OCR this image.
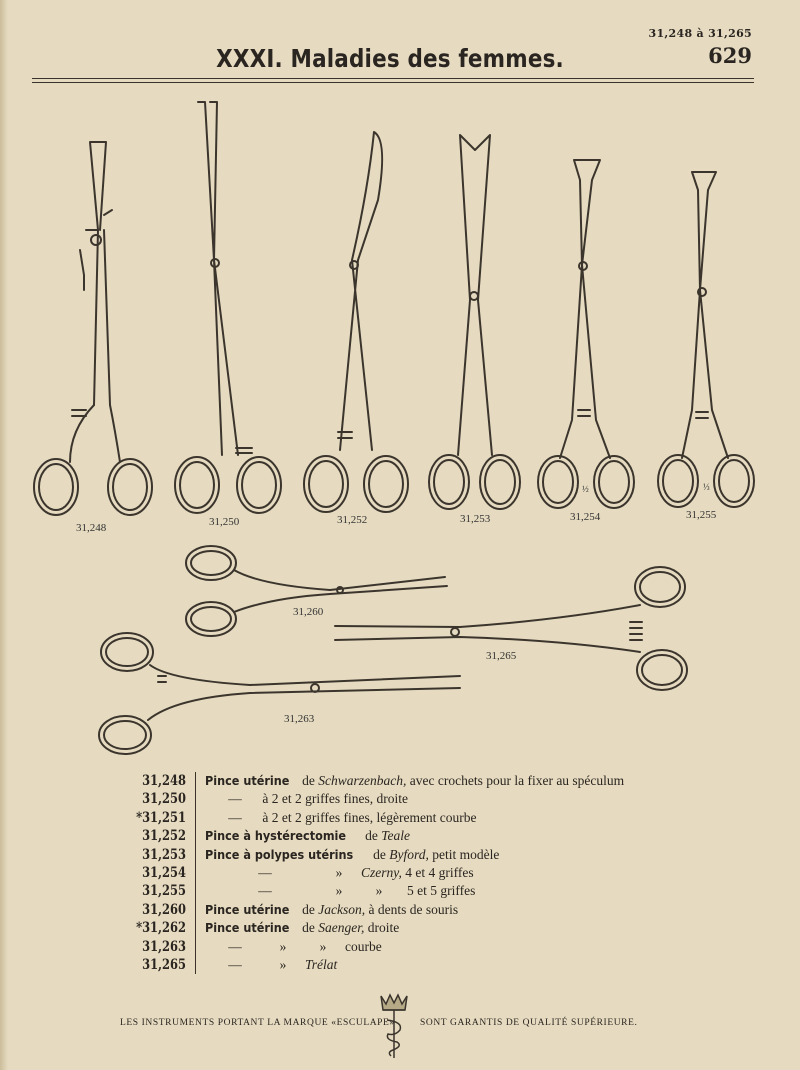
31,248 à 31,265
629
XXXI. Maladies des femmes.
31,248	31,250	31,252	31,253	31,254	31,255
31,260
31,265
31,263
½	⅓
31,248 Pince utérine de Schwarzenbach, avec crochets pour la fixer au spéculum
31,250	— à 2 et 2 griffes fines, droite
*31,251	— à 2 et 2 griffes fines, légèrement courbe
31,252 Pince à hystérectomie de Teale
31,253 Pince à polypes utérins de Byford, petit modèle
31,254	—	» Czerny, 4 et 4 griffes
31,255	—	» » 5 et 5 griffes
31,260 Pince utérine de Jackson, à dents de souris
*31,262 Pince utérine de Saenger, droite
31,263	—	» » courbe
31,265	—	» Trélat
LES INSTRUMENTS PORTANT LA MARQUE «ESCULAPE»	SONT GARANTIS DE QUALITÉ SUPÉRIEURE.
